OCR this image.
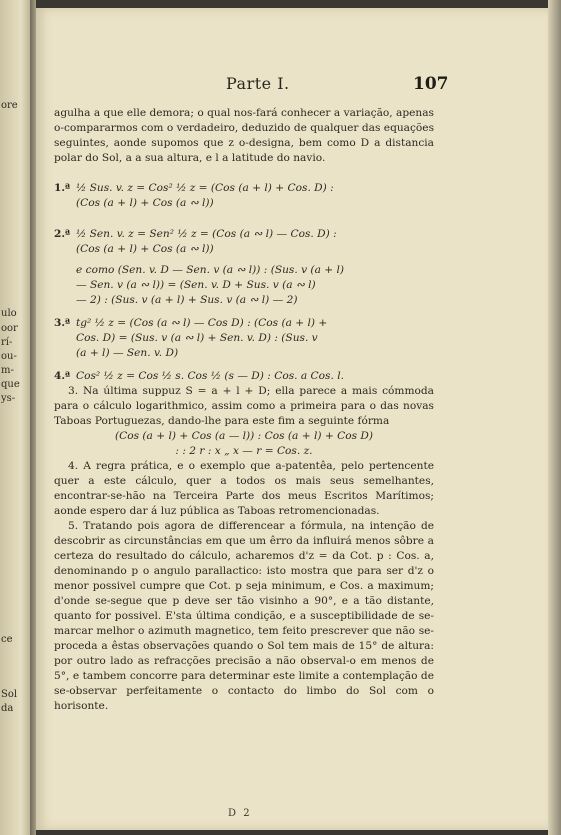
ore
ulo
oor
rí-
ou-
m-
que
ys-
ce
Sol
da
Parte I.	107

agulha a que elle demora; o qual nos-fará conhecer a variação, apenas o-compararmos com o verdadeiro, deduzido de qualquer das equações seguintes, aonde supomos que z o-designa, bem como D a distancia polar do Sol, a a sua altura, e l a latitude do navio.

1.ª ½ Sus. v. z = Cos² ½ z = (Cos (a + l) + Cos. D) :
(Cos (a + l) + Cos (a ∾ l))
2.ª ½ Sen. v. z = Sen² ½ z = (Cos (a ∾ l) — Cos. D) :
(Cos (a + l) + Cos (a ∾ l))
e como (Sen. v. D — Sen. v (a ∾ l)) : (Sus. v (a + l)
— Sen. v (a ∾ l)) = (Sen. v. D + Sus. v (a ∾ l)
— 2) : (Sus. v (a + l) + Sus. v (a ∾ l) — 2)
3.ª tg² ½ z = (Cos (a ∾ l) — Cos D) : (Cos (a + l) +
Cos. D) = (Sus. v (a ∾ l) + Sen. v. D) : (Sus. v
(a + l) — Sen. v. D)
4.ª Cos² ½ z = Cos ½ s. Cos ½ (s — D) : Cos. a Cos. l.

3. Na última suppuz S = a + l + D; ella parece a mais cómmoda para o cálculo logarithmico, assim como a primeira para o das novas Taboas Portuguezas, dando-lhe para este fim a seguinte fórma

(Cos (a + l) + Cos (a — l)) : Cos (a + l) + Cos D)
: : 2 r : x „ x — r = Cos. z.

4. A regra prática, e o exemplo que a-patentêa, pelo pertencente quer a este cálculo, quer a todos os mais seus semelhantes, encontrar-se-hão na Terceira Parte dos meus Escritos Marítimos; aonde espero dar á luz pública as Taboas retromencionadas.

5. Tratando pois agora de differencear a fórmula, na intenção de descobrir as circunstâncias em que um êrro da influirá menos sôbre a certeza do resultado do cálculo, acharemos d'z = da Cot. p : Cos. a, denominando p o angulo parallactico: isto mostra que para ser d'z o menor possivel cumpre que Cot. p seja minimum, e Cos. a maximum; d'onde se-segue que p deve ser tão visinho a 90°, e a tão distante, quanto for possivel. E'sta última condição, e a susceptibilidade de se-marcar melhor o azimuth magnetico, tem feito prescrever que não se-proceda a êstas observações quando o Sol tem mais de 15° de altura: por outro lado as refracções precisão a não observal-o em menos de 5°, e tambem concorre para determinar este limite a contemplação de se-observar perfeitamente o contacto do limbo do Sol com o horisonte.

D 2
